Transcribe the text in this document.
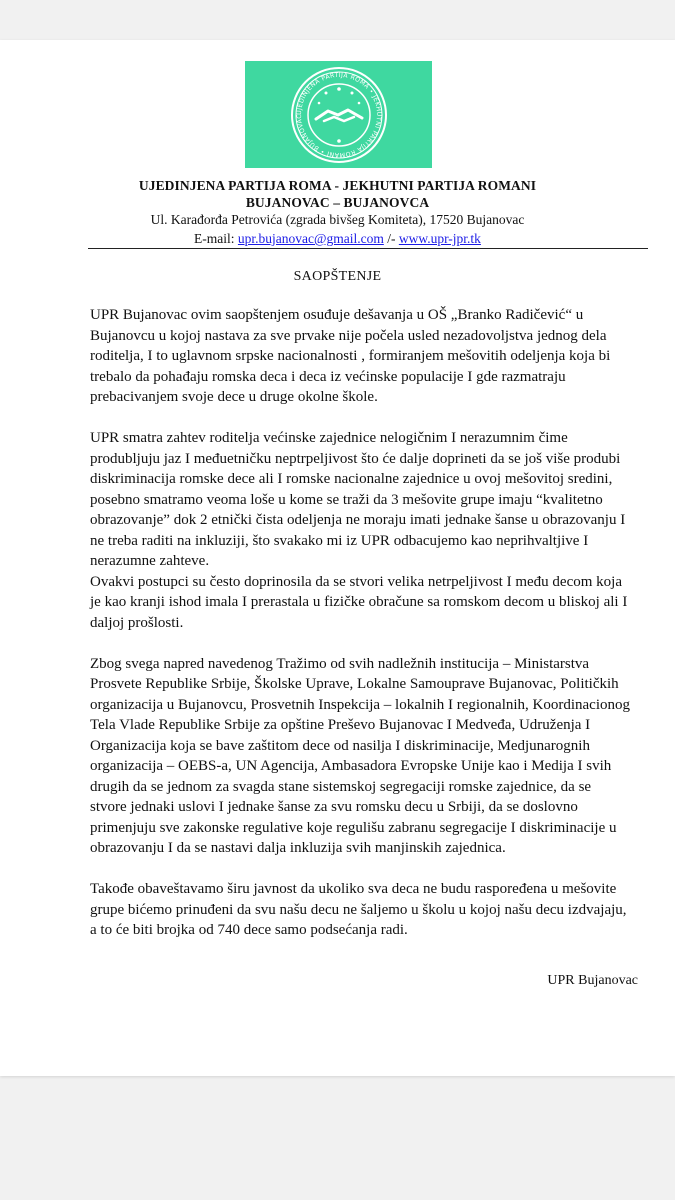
UJEDINJENA PARTIJA ROMA • JEKHUTNI PARTIJA ROMANI • BUJANOVAC
UJEDINJENA PARTIJA ROMA - JEKHUTNI PARTIJA ROMANI
BUJANOVAC – BUJANOVCA
Ul. Karađorđa Petrovića (zgrada bivšeg Komiteta), 17520 Bujanovac
E-mail: upr.bujanovac@gmail.com /- www.upr-jpr.tk
SAOPŠTENJE

UPR Bujanovac ovim saopštenjem osuđuje dešavanja u OŠ „Branko Radičević“ u Bujanovcu u kojoj nastava za sve prvake nije počela usled nezadovoljstva jednog dela roditelja, I to uglavnom srpske nacionalnosti , formiranjem mešovitih odeljenja koja bi trebalo da pohađaju romska deca i deca iz većinske populacije I gde razmatraju prebacivanjem svoje dece u druge okolne škole.

UPR smatra zahtev roditelja većinske zajednice nelogičnim I nerazumnim čime produbljuju jaz I međuetničku neptrpeljivost što će dalje doprineti da se još više produbi diskriminacija romske dece ali I romske nacionalne zajednice u ovoj mešovitoj sredini, posebno smatramo veoma loše u kome se traži da 3 mešovite grupe imaju “kvalitetno obrazovanje” dok 2 etnički čista odeljenja ne moraju imati jednake šanse u obrazovanju I ne treba raditi na inkluziji, što svakako mi iz UPR odbacujemo kao neprihvaltjive I nerazumne zahteve.

Ovakvi postupci su često doprinosila da se stvori velika netrpeljivost I među decom koja je kao kranji ishod imala I prerastala u fizičke obračune sa romskom decom u bliskoj ali I daljoj prošlosti.

Zbog svega napred navedenog Tražimo od svih nadležnih institucija – Ministarstva Prosvete Republike Srbije, Školske Uprave, Lokalne Samouprave Bujanovac, Političkih organizacija u Bujanovcu, Prosvetnih Inspekcija – lokalnih I regionalnih, Koordinacionog Tela Vlade Republike Srbije za opštine Preševo Bujanovac I Medveđa, Udruženja I Organizacija koja se bave zaštitom dece od nasilja I diskriminacije, Medjunarognih organizacija – OEBS-a, UN Agencija, Ambasadora Evropske Unije kao i Medija I svih drugih da se jednom za svagda stane sistemskoj segregaciji romske zajednice, da se stvore jednaki uslovi I jednake šanse za svu romsku decu u Srbiji, da se doslovno primenjuju sve zakonske regulative koje regulišu zabranu segregacije I diskriminacije u obrazovanju I da se nastavi dalja inkluzija svih manjinskih zajednica.

Takođe obaveštavamo širu javnost da ukoliko sva deca ne budu raspoređena u mešovite grupe bićemo prinuđeni da svu našu decu ne šaljemo u školu u kojoj našu decu izdvajaju, a to će biti brojka od 740 dece samo podsećanja radi.

UPR Bujanovac
